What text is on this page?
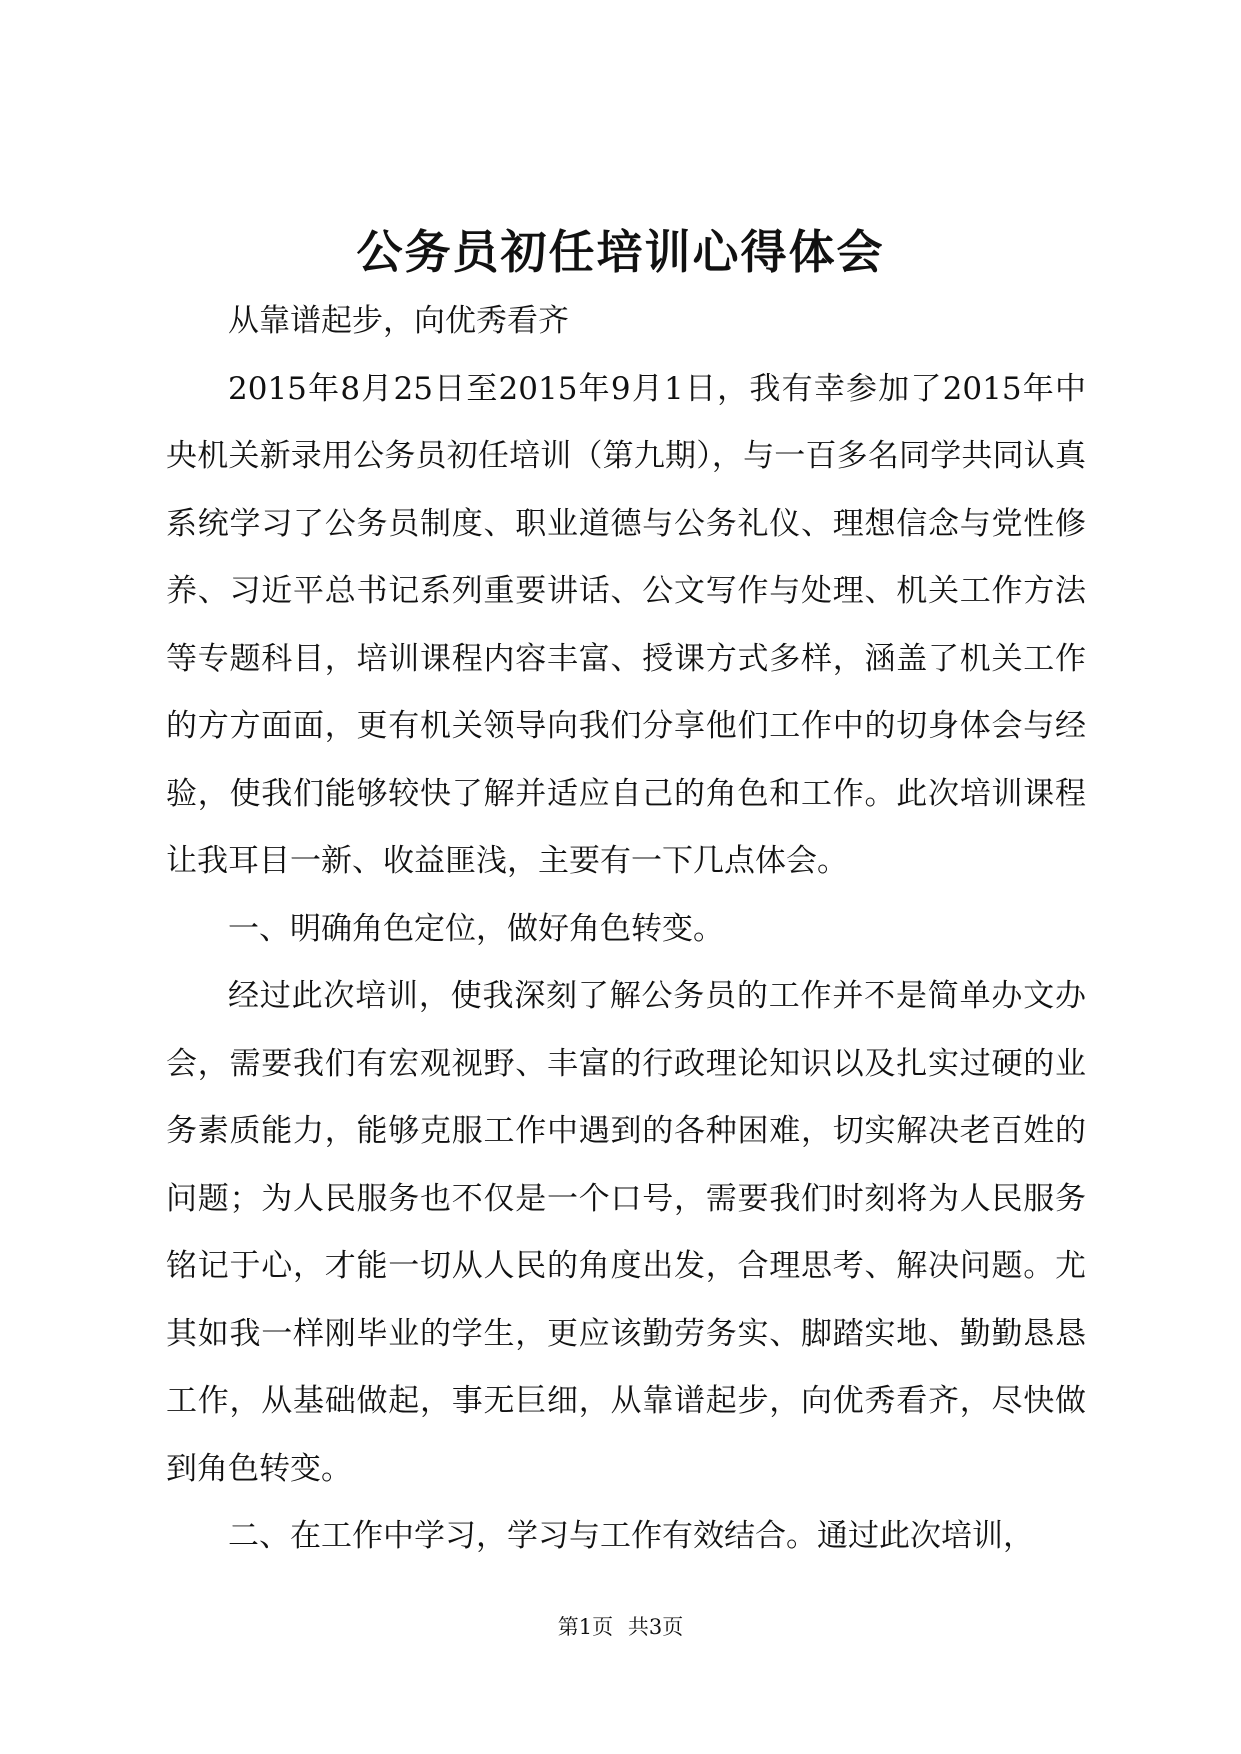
公务员初任培训心得体会

从靠谱起步，向优秀看齐

2015年8月25日至2015年9月1日，我有幸参加了2015年中央机关新录用公务员初任培训（第九期），与一百多名同学共同认真系统学习了公务员制度、职业道德与公务礼仪、理想信念与党性修养、习近平总书记系列重要讲话、公文写作与处理、机关工作方法等专题科目，培训课程内容丰富、授课方式多样，涵盖了机关工作的方方面面，更有机关领导向我们分享他们工作中的切身体会与经验，使我们能够较快了解并适应自己的角色和工作。此次培训课程让我耳目一新、收益匪浅，主要有一下几点体会。

一、明确角色定位，做好角色转变。

经过此次培训，使我深刻了解公务员的工作并不是简单办文办会，需要我们有宏观视野、丰富的行政理论知识以及扎实过硬的业务素质能力，能够克服工作中遇到的各种困难，切实解决老百姓的问题；为人民服务也不仅是一个口号，需要我们时刻将为人民服务铭记于心，才能一切从人民的角度出发，合理思考、解决问题。尤其如我一样刚毕业的学生，更应该勤劳务实、脚踏实地、勤勤恳恳工作，从基础做起，事无巨细，从靠谱起步，向优秀看齐，尽快做到角色转变。

二、在工作中学习，学习与工作有效结合。通过此次培训，

第1页 共3页
